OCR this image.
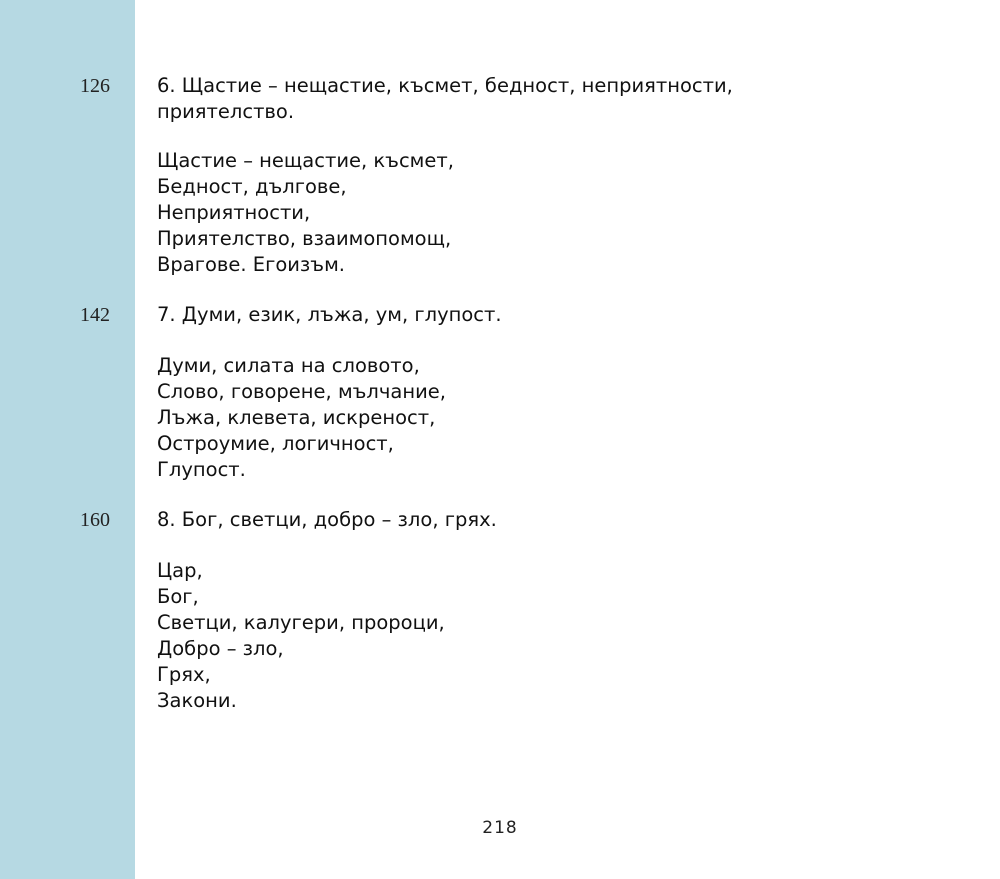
126 6. Щастие – нещастие, късмет, бедност, неприятности,
приятелство.
Щастие – нещастие, късмет,
Бедност, дългове,
Неприятности,
Приятелство, взаимопомощ,
Врагове. Егоизъм.
142 7. Думи, език, лъжа, ум, глупост.
Думи, силата на словото,
Слово, говорене, мълчание,
Лъжа, клевета, искреност,
Остроумие, логичност,
Глупост.
160 8. Бог, светци, добро – зло, грях.
Цар,
Бог,
Светци, калугери, пророци,
Добро – зло,
Грях,
Закони.
218
